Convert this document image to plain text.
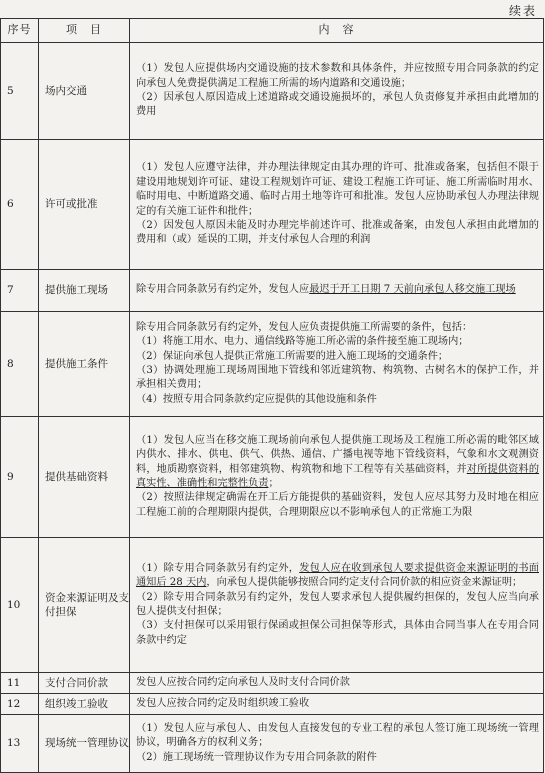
续表
序号	项　目	内　容
5	场内交通	（1）发包人应提供场内交通设施的技术参数和具体条件，并应按照专用合同条款的约定向承包人免费提供满足工程施工所需的场内道路和交通设施；

（2）因承包人原因造成上述道路或交通设施损坏的，承包人负责修复并承担由此增加的费用

6	许可或批准	（1）发包人应遵守法律，并办理法律规定由其办理的许可、批准或备案，包括但不限于建设用地规划许可证、建设工程规划许可证、建设工程施工许可证、施工所需临时用水、临时用电、中断道路交通、临时占用土地等许可和批准。发包人应协助承包人办理法律规定的有关施工证件和批件；

（2）因发包人原因未能及时办理完毕前述许可、批准或备案，由发包人承担由此增加的费用和（或）延误的工期，并支付承包人合理的利润

7	提供施工现场	除专用合同条款另有约定外，发包人应最迟于开工日期 7 天前向承包人移交施工现场

8	提供施工条件	除专用合同条款另有约定外，发包人应负责提供施工所需要的条件，包括：

（1）将施工用水、电力、通信线路等施工所必需的条件接至施工现场内；

（2）保证向承包人提供正常施工所需要的进入施工现场的交通条件；

（3）协调处理施工现场周围地下管线和邻近建筑物、构筑物、古树名木的保护工作，并承担相关费用；

（4）按照专用合同条款约定应提供的其他设施和条件

9	提供基础资料	（1）发包人应当在移交施工现场前向承包人提供施工现场及工程施工所必需的毗邻区域内供水、排水、供电、供气、供热、通信、广播电视等地下管线资料，气象和水文观测资料，地质勘察资料，相邻建筑物、构筑物和地下工程等有关基础资料，并对所提供资料的真实性、准确性和完整性负责；

（2）按照法律规定确需在开工后方能提供的基础资料，发包人应尽其努力及时地在相应工程施工前的合理期限内提供，合理期限应以不影响承包人的正常施工为限

10	资金来源证明及支付担保	（1）除专用合同条款另有约定外，发包人应在收到承包人要求提供资金来源证明的书面通知后 28 天内，向承包人提供能够按照合同约定支付合同价款的相应资金来源证明；

（2）除专用合同条款另有约定外，发包人要求承包人提供履约担保的，发包人应当向承包人提供支付担保；

（3）支付担保可以采用银行保函或担保公司担保等形式，具体由合同当事人在专用合同条款中约定

11	支付合同价款	发包人应按合同约定向承包人及时支付合同价款
12	组织竣工验收	发包人应按合同约定及时组织竣工验收
13	现场统一管理协议	（1）发包人应与承包人、由发包人直接发包的专业工程的承包人签订施工现场统一管理协议，明确各方的权利义务；

（2）施工现场统一管理协议作为专用合同条款的附件
